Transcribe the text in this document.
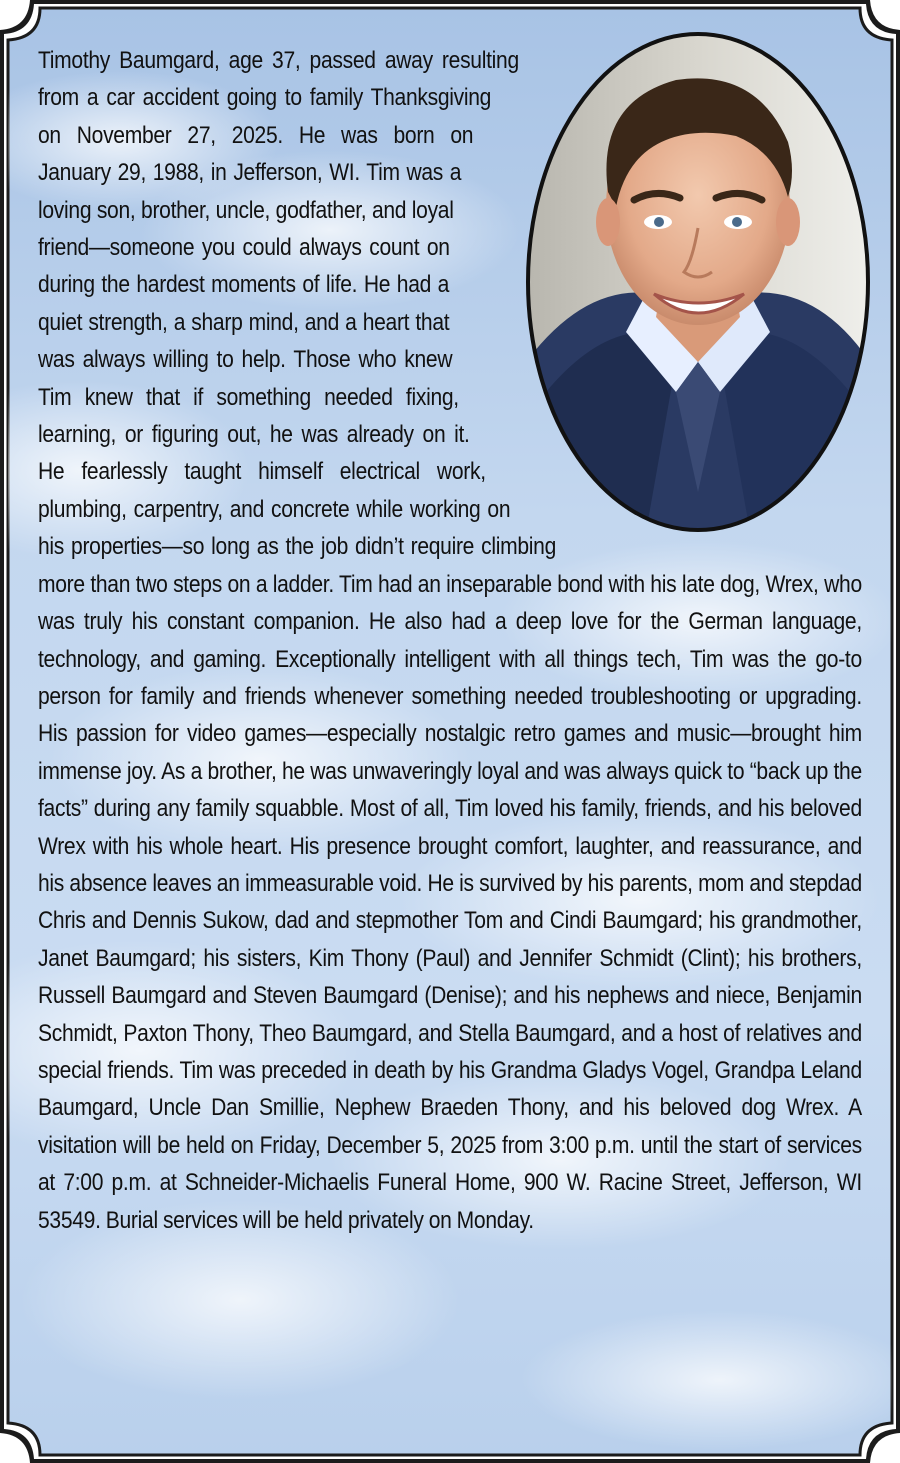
Timothy Baumgard, age 37, passed away resulting from a car accident going to family Thanksgiving on November 27, 2025. He was born on January 29, 1988, in Jefferson, WI. Tim was a loving son, brother, uncle, godfather, and loyal friend—someone you could always count on during the hardest moments of life. He had a quiet strength, a sharp mind, and a heart that was always willing to help. Those who knew Tim knew that if something needed fixing, learning, or figuring out, he was already on it. He fearlessly taught himself electrical work, plumbing, carpentry, and concrete while working on his properties—so long as the job didn’t require climbing more than two steps on a ladder. Tim had an inseparable bond with his late dog, Wrex, who was truly his constant companion. He also had a deep love for the German language, technology, and gaming. Exceptionally intelligent with all things tech, Tim was the go-to person for family and friends whenever something needed troubleshooting or upgrading. His passion for video games—especially nostalgic retro games and music—brought him immense joy. As a brother, he was unwaveringly loyal and was always quick to “back up the facts” during any family squabble. Most of all, Tim loved his family, friends, and his beloved Wrex with his whole heart. His presence brought comfort, laughter, and reassurance, and his absence leaves an immeasurable void. He is survived by his parents, mom and stepdad Chris and Dennis Sukow, dad and stepmother Tom and Cindi Baumgard; his grandmother, Janet Baumgard; his sisters, Kim Thony (Paul) and Jennifer Schmidt (Clint); his brothers, Russell Baumgard and Steven Baumgard (Denise); and his nephews and niece, Benjamin Schmidt, Paxton Thony, Theo Baumgard, and Stella Baumgard, and a host of relatives and special friends. Tim was preceded in death by his Grandma Gladys Vogel, Grandpa Leland Baumgard, Uncle Dan Smillie, Nephew Braeden Thony, and his beloved dog Wrex. A visitation will be held on Friday, December 5, 2025 from 3:00 p.m. until the start of services at 7:00 p.m. at Schneider-Michaelis Funeral Home, 900 W. Racine Street, Jefferson, WI 53549. Burial services will be held privately on Monday.
